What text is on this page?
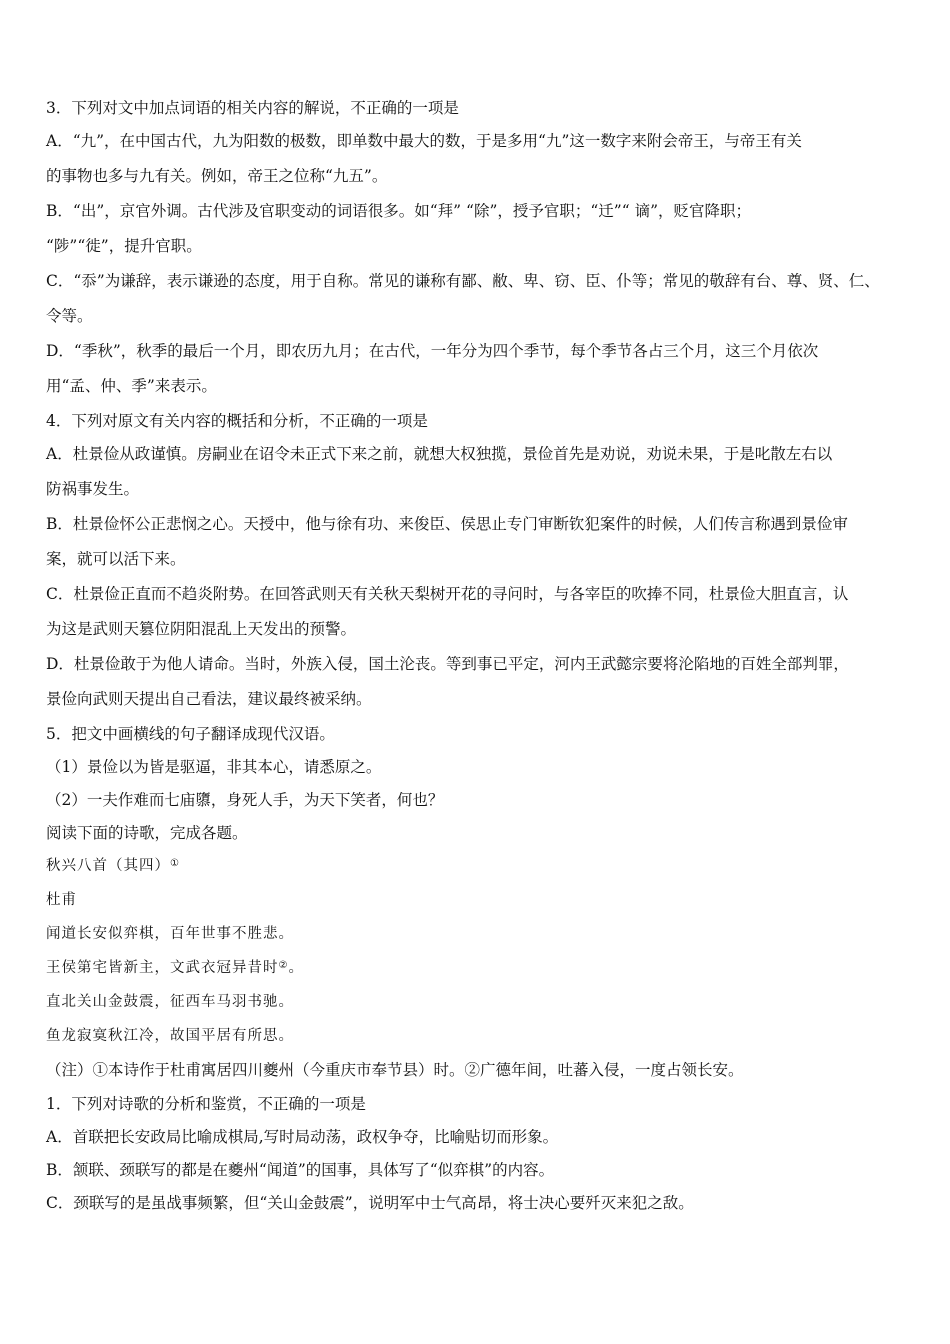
3．下列对文中加点词语的相关内容的解说，不正确的一项是

A．“九”，在中国古代，九为阳数的极数，即单数中最大的数，于是多用“九”这一数字来附会帝王，与帝王有关

的事物也多与九有关。例如，帝王之位称“九五”。

B．“出”，京官外调。古代涉及官职变动的词语很多。如“拜” “除”，授予官职；“迁”“ 谪”，贬官降职；

“陟”“徙”，提升官职。

C．“忝”为谦辞，表示谦逊的态度，用于自称。常见的谦称有鄙、敝、卑、窃、臣、仆等；常见的敬辞有台、尊、贤、仁、

令等。

D．“季秋”，秋季的最后一个月，即农历九月；在古代，一年分为四个季节，每个季节各占三个月，这三个月依次

用“孟、仲、季”来表示。

4．下列对原文有关内容的概括和分析，不正确的一项是

A．杜景俭从政谨慎。房嗣业在诏令未正式下来之前，就想大权独揽，景俭首先是劝说，劝说未果，于是叱散左右以

防祸事发生。

B．杜景俭怀公正悲悯之心。天授中，他与徐有功、来俊臣、侯思止专门审断钦犯案件的时候，人们传言称遇到景俭审

案，就可以活下来。

C．杜景俭正直而不趋炎附势。在回答武则天有关秋天梨树开花的寻问时，与各宰臣的吹捧不同，杜景俭大胆直言，认

为这是武则天篡位阴阳混乱上天发出的预警。

D．杜景俭敢于为他人请命。当时，外族入侵，国土沦丧。等到事已平定，河内王武懿宗要将沦陷地的百姓全部判罪，

景俭向武则天提出自己看法，建议最终被采纳。

5．把文中画横线的句子翻译成现代汉语。

（1）景俭以为皆是驱逼，非其本心，请悉原之。

（2）一夫作难而七庙隳，身死人手，为天下笑者，何也？

阅读下面的诗歌，完成各题。

秋兴八首（其四）①

杜甫

闻道长安似弈棋，百年世事不胜悲。

王侯第宅皆新主，文武衣冠异昔时②。

直北关山金鼓震，征西车马羽书驰。

鱼龙寂寞秋江冷，故国平居有所思。

（注）①本诗作于杜甫寓居四川夔州（今重庆市奉节县）时。②广德年间，吐蕃入侵，一度占领长安。

1．下列对诗歌的分析和鉴赏，不正确的一项是

A．首联把长安政局比喻成棋局,写时局动荡，政权争夺，比喻贴切而形象。

B．颔联、颈联写的都是在夔州“闻道”的国事，具体写了“似弈棋”的内容。

C．颈联写的是虽战事频繁，但“关山金鼓震”，说明军中士气高昂，将士决心要歼灭来犯之敌。
